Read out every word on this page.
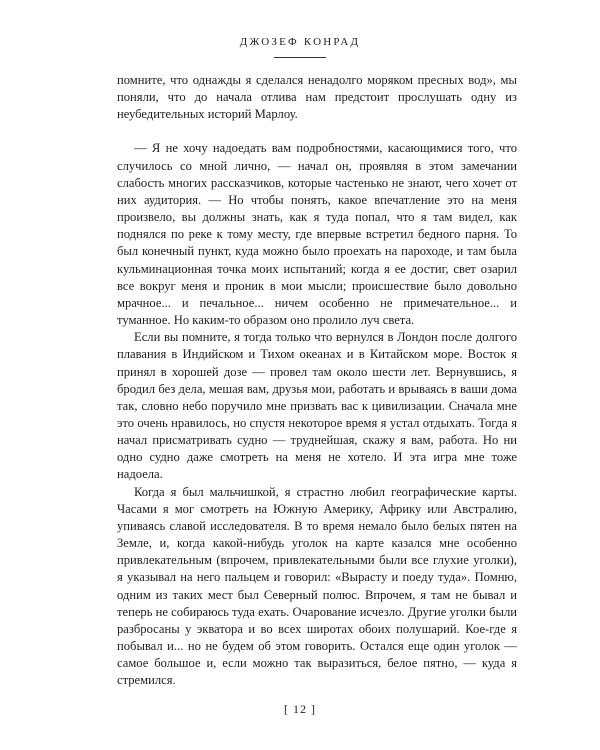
ДЖОЗЕФ КОНРАД

помните, что однажды я сделался ненадолго моряком пресных вод», мы поняли, что до начала отлива нам предстоит прослушать одну из неубедительных историй Марлоу.

— Я не хочу надоедать вам подробностями, касающимися того, что случилось со мной лично, — начал он, проявляя в этом замечании слабость многих рассказчиков, которые частенько не знают, чего хочет от них аудитория. — Но чтобы понять, какое впечатление это на меня произвело, вы должны знать, как я туда попал, что я там видел, как поднялся по реке к тому месту, где впервые встретил бедного парня. То был конечный пункт, куда можно было проехать на пароходе, и там была кульминационная точка моих испытаний; когда я ее достиг, свет озарил все вокруг меня и проник в мои мысли; происшествие было довольно мрачное... и печальное... ничем особенно не примечательное... и туманное. Но каким-то образом оно пролило луч света.

Если вы помните, я тогда только что вернулся в Лондон после долгого плавания в Индийском и Тихом океанах и в Китайском море. Восток я принял в хорошей дозе — провел там около шести лет. Вернувшись, я бродил без дела, мешая вам, друзья мои, работать и врываясь в ваши дома так, словно небо поручило мне призвать вас к цивилизации. Сначала мне это очень нравилось, но спустя некоторое время я устал отдыхать. Тогда я начал присматривать судно — труднейшая, скажу я вам, работа. Но ни одно судно даже смотреть на меня не хотело. И эта игра мне тоже надоела.

Когда я был мальчишкой, я страстно любил географические карты. Часами я мог смотреть на Южную Америку, Африку или Австралию, упиваясь славой исследователя. В то время немало было белых пятен на Земле, и, когда какой-нибудь уголок на карте казался мне особенно привлекательным (впрочем, привлекательными были все глухие уголки), я указывал на него пальцем и говорил: «Вырасту и поеду туда». Помню, одним из таких мест был Северный полюс. Впрочем, я там не бывал и теперь не собираюсь туда ехать. Очарование исчезло. Другие уголки были разбросаны у экватора и во всех широтах обоих полушарий. Кое-где я побывал и... но не будем об этом говорить. Остался еще один уголок — самое большое и, если можно так выразиться, белое пятно, — куда я стремился.

[ 12 ]
